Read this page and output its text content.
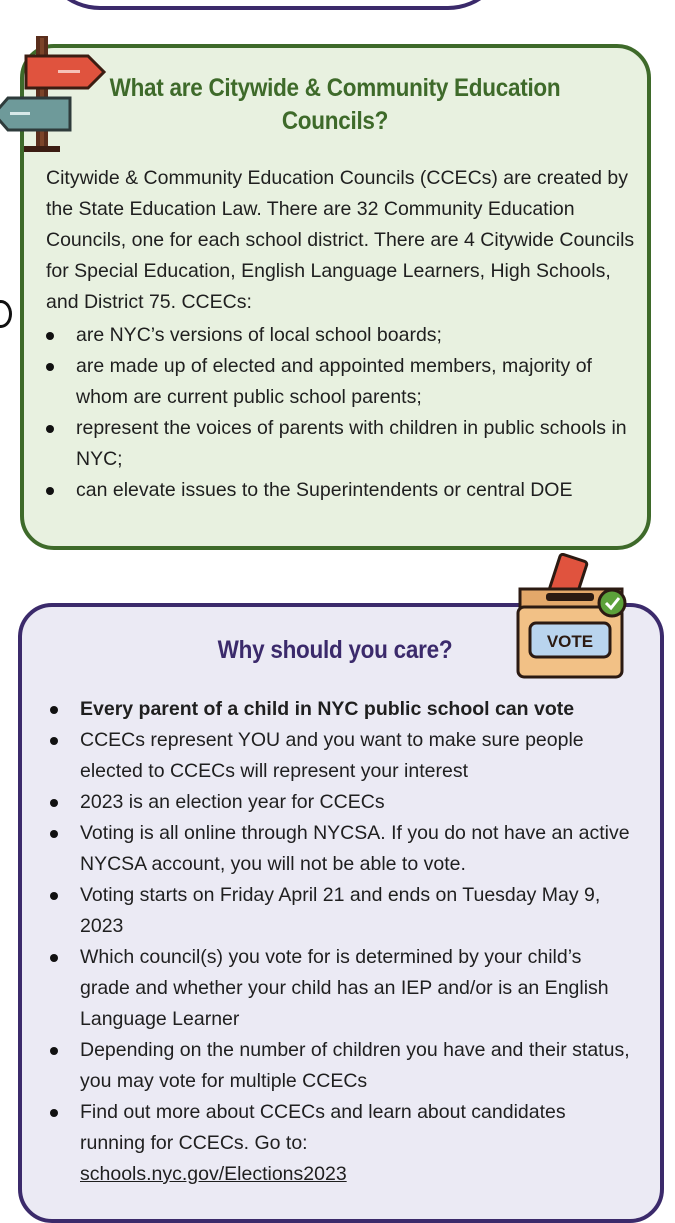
What are Citywide & Community Education Councils?

Citywide & Community Education Councils (CCECs) are created by the State Education Law. There are 32 Community Education Councils, one for each school district. There are 4 Citywide Councils for Special Education, English Language Learners, High Schools, and District 75. CCECs:

are NYC’s versions of local school boards;
are made up of elected and appointed members, majority of whom are current public school parents;
represent the voices of parents with children in public schools in NYC;
can elevate issues to the Superintendents or central DOE
VOTE
Why should you care?
Every parent of a child in NYC public school can vote
CCECs represent YOU and you want to make sure people elected to CCECs will represent your interest
2023 is an election year for CCECs
Voting is all online through NYCSA. If you do not have an active NYCSA account, you will not be able to vote.
Voting starts on Friday April 21 and ends on Tuesday May 9, 2023
Which council(s) you vote for is determined by your child’s grade and whether your child has an IEP and/or is an English Language Learner
Depending on the number of children you have and their status, you may vote for multiple CCECs
Find out more about CCECs and learn about candidates running for CCECs. Go to:
schools.nyc.gov/Elections2023
